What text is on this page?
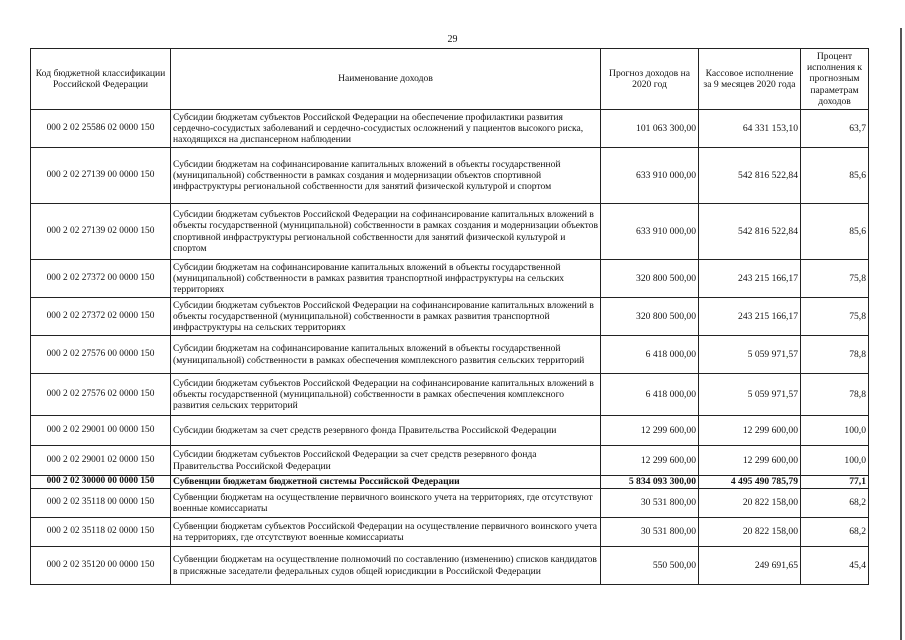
29
Код бюджетной классификации Российской Федерации	Наименование доходов	Прогноз доходов на 2020 год	Кассовое исполнение за 9 месяцев 2020 года	Процент исполнения к прогнозным параметрам доходов
000 2 02 25586 02 0000 150	Субсидии бюджетам субъектов Российской Федерации на обеспечение профилактики развития сердечно-сосудистых заболеваний и сердечно-сосудистых осложнений у пациентов высокого риска, находящихся на диспансерном наблюдении	101 063 300,00	64 331 153,10	63,7
000 2 02 27139 00 0000 150	Субсидии бюджетам на софинансирование капитальных вложений в объекты государственной (муниципальной) собственности в рамках создания и модернизации объектов спортивной инфраструктуры региональной собственности для занятий физической культурой и спортом	633 910 000,00	542 816 522,84	85,6
000 2 02 27139 02 0000 150	Субсидии бюджетам субъектов Российской Федерации на софинансирование капитальных вложений в объекты государственной (муниципальной) собственности в рамках создания и модернизации объектов спортивной инфраструктуры региональной собственности для занятий физической культурой и спортом	633 910 000,00	542 816 522,84	85,6
000 2 02 27372 00 0000 150	Субсидии бюджетам на софинансирование капитальных вложений в объекты государственной (муниципальной) собственности в рамках развития транспортной инфраструктуры на сельских территориях	320 800 500,00	243 215 166,17	75,8
000 2 02 27372 02 0000 150	Субсидии бюджетам субъектов Российской Федерации на софинансирование капитальных вложений в объекты государственной (муниципальной) собственности в рамках развития транспортной инфраструктуры на сельских территориях	320 800 500,00	243 215 166,17	75,8
000 2 02 27576 00 0000 150	Субсидии бюджетам на софинансирование капитальных вложений в объекты государственной (муниципальной) собственности в рамках обеспечения комплексного развития сельских территорий	6 418 000,00	5 059 971,57	78,8
000 2 02 27576 02 0000 150	Субсидии бюджетам субъектов Российской Федерации на софинансирование капитальных вложений в объекты государственной (муниципальной) собственности в рамках обеспечения комплексного развития сельских территорий	6 418 000,00	5 059 971,57	78,8
000 2 02 29001 00 0000 150	Субсидии бюджетам за счет средств резервного фонда Правительства Российской Федерации	12 299 600,00	12 299 600,00	100,0
000 2 02 29001 02 0000 150	Субсидии бюджетам субъектов Российской Федерации за счет средств резервного фонда Правительства Российской Федерации	12 299 600,00	12 299 600,00	100,0
000 2 02 30000 00 0000 150	Субвенции бюджетам бюджетной системы Российской Федерации	5 834 093 300,00	4 495 490 785,79	77,1
000 2 02 35118 00 0000 150	Субвенции бюджетам на осуществление первичного воинского учета на территориях, где отсутствуют военные комиссариаты	30 531 800,00	20 822 158,00	68,2
000 2 02 35118 02 0000 150	Субвенции бюджетам субъектов Российской Федерации на осуществление первичного воинского учета на территориях, где отсутствуют военные комиссариаты	30 531 800,00	20 822 158,00	68,2
000 2 02 35120 00 0000 150	Субвенции бюджетам на осуществление полномочий по составлению (изменению) списков кандидатов в присяжные заседатели федеральных судов общей юрисдикции в Российской Федерации	550 500,00	249 691,65	45,4
